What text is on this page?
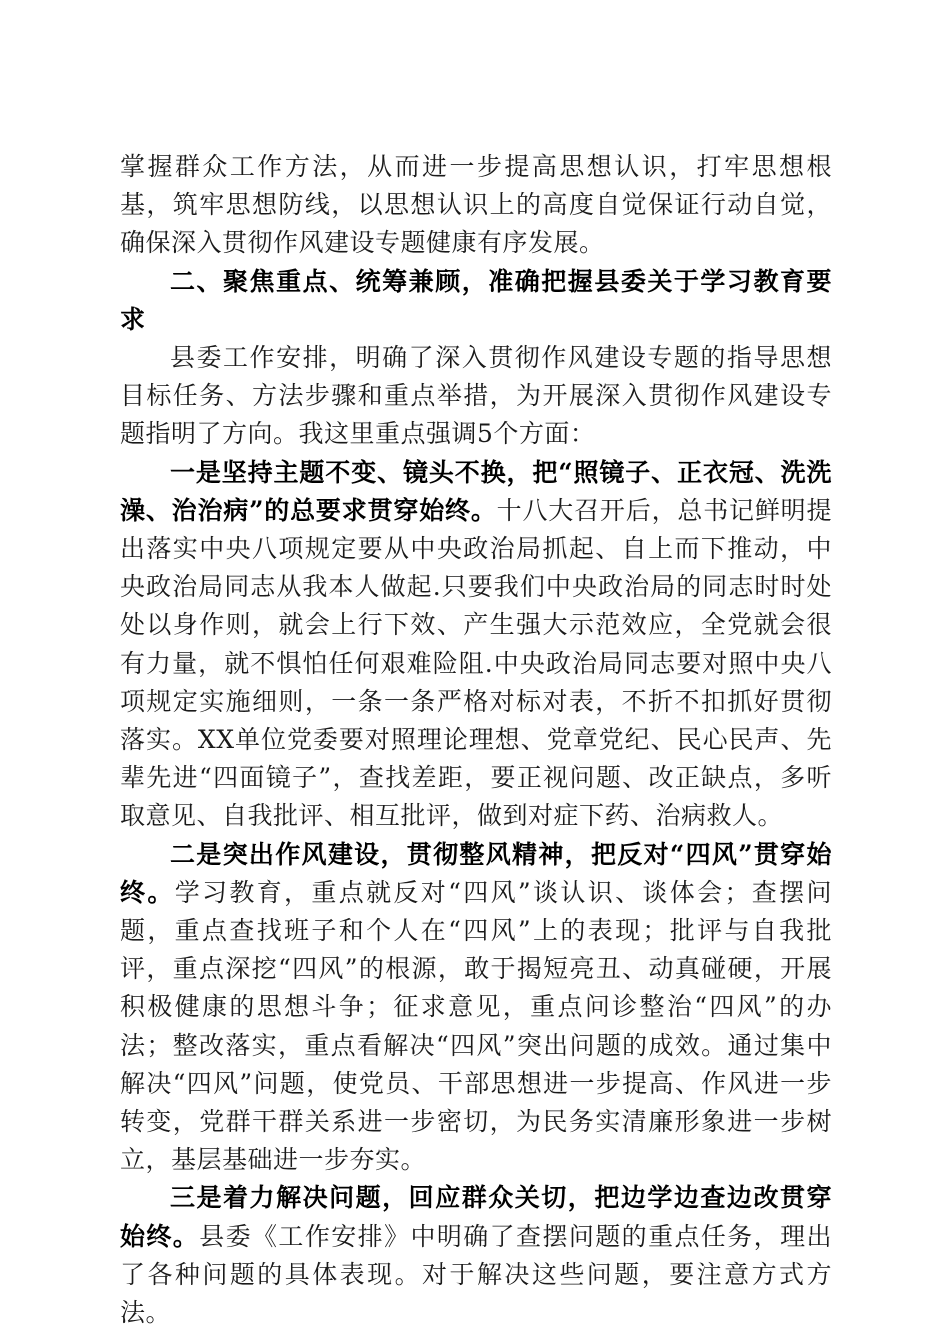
掌握群众工作方法，从而进一步提高思想认识，打牢思想根基，筑牢思想防线，以思想认识上的高度自觉保证行动自觉，确保深入贯彻作风建设专题健康有序发展。

二、聚焦重点、统筹兼顾，准确把握县委关于学习教育要求

县委工作安排，明确了深入贯彻作风建设专题的指导思想目标任务、方法步骤和重点举措，为开展深入贯彻作风建设专题指明了方向。我这里重点强调5个方面：

一是坚持主题不变、镜头不换，把“照镜子、正衣冠、洗洗澡、治治病”的总要求贯穿始终。十八大召开后，总书记鲜明提出落实中央八项规定要从中央政治局抓起、自上而下推动，中央政治局同志从我本人做起.只要我们中央政治局的同志时时处处以身作则，就会上行下效、产生强大示范效应，全党就会很有力量，就不惧怕任何艰难险阻.中央政治局同志要对照中央八项规定实施细则，一条一条严格对标对表，不折不扣抓好贯彻落实。XX单位党委要对照理论理想、党章党纪、民心民声、先辈先进“四面镜子”，查找差距，要正视问题、改正缺点，多听取意见、自我批评、相互批评，做到对症下药、治病救人。

二是突出作风建设，贯彻整风精神，把反对“四风”贯穿始终。学习教育，重点就反对“四风”谈认识、谈体会；查摆问题，重点查找班子和个人在“四风”上的表现；批评与自我批评，重点深挖“四风”的根源，敢于揭短亮丑、动真碰硬，开展积极健康的思想斗争；征求意见，重点问诊整治“四风”的办法；整改落实，重点看解决“四风”突出问题的成效。通过集中解决“四风”问题，使党员、干部思想进一步提高、作风进一步转变，党群干群关系进一步密切，为民务实清廉形象进一步树立，基层基础进一步夯实。

三是着力解决问题，回应群众关切，把边学边查边改贯穿始终。县委《工作安排》中明确了查摆问题的重点任务，理出了各种问题的具体表现。对于解决这些问题，要注意方式方法。
